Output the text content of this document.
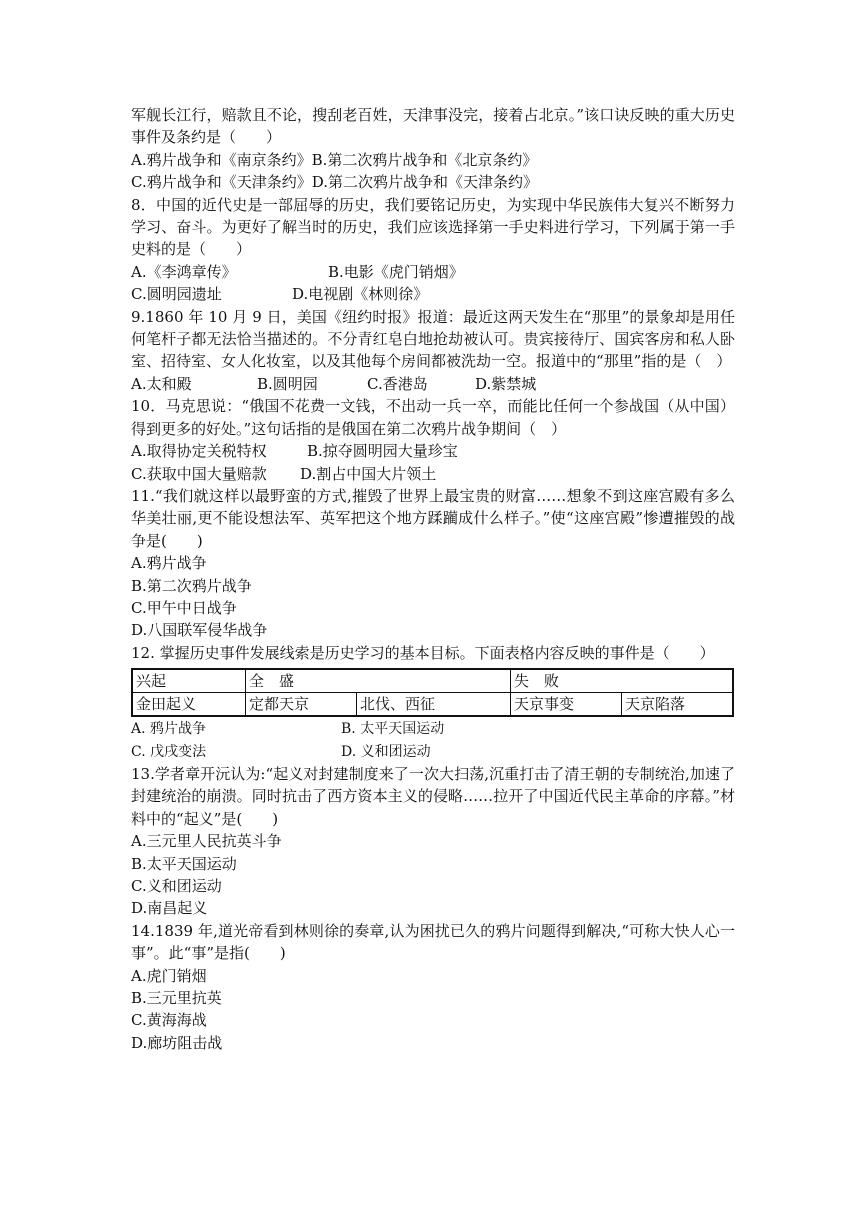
军舰长江行，赔款且不论，搜刮老百姓，天津事没完，接着占北京。”该口诀反映的重大历史事件及条约是（　　）

A.鸦片战争和《南京条约》 B.第二次鸦片战争和《北京条约》
C.鸦片战争和《天津条约》 D.第二次鸦片战争和《天津条约》

8．中国的近代史是一部屈辱的历史，我们要铭记历史，为实现中华民族伟大复兴不断努力学习、奋斗。为更好了解当时的历史，我们应该选择第一手史料进行学习，下列属于第一手史料的是（　　）

A.《李鸿章传》	B.电影《虎门销烟》
C.圆明园遗址	D.电视剧《林则徐》

9.1860 年 10 月 9 日，美国《纽约时报》报道：最近这两天发生在“那里”的景象却是用任何笔杆子都无法恰当描述的。不分青红皂白地抢劫被认可。贵宾接待厅、国宾客房和私人卧室、招待室、女人化妆室，以及其他每个房间都被洗劫一空。报道中的“那里”指的是（　）

A.太和殿	B.圆明园	C.香港岛	D.紫禁城

10．马克思说：“俄国不花费一文钱，不出动一兵一卒，而能比任何一个参战国（从中国）得到更多的好处。”这句话指的是俄国在第二次鸦片战争期间（　）

A.取得协定关税特权	B.掠夺圆明园大量珍宝
C.获取中国大量赔款	D.割占中国大片领土

11.“我们就这样以最野蛮的方式,摧毁了世界上最宝贵的财富……想象不到这座宫殿有多么华美壮丽,更不能设想法军、英军把这个地方蹂躏成什么样子。”使“这座宫殿”惨遭摧毁的战争是(　　)

A.鸦片战争
B.第二次鸦片战争
C.甲午中日战争
D.八国联军侵华战争

12. 掌握历史事件发展线索是历史学习的基本目标。下面表格内容反映的事件是（　　）

兴起	全　盛		失　败	
金田起义	定都天京	北伐、西征	天京事变	天京陷落
A. 鸦片战争	B. 太平天国运动
C. 戊戌变法	D. 义和团运动

13.学者章开沅认为:“起义对封建制度来了一次大扫荡,沉重打击了清王朝的专制统治,加速了封建统治的崩溃。同时抗击了西方资本主义的侵略……拉开了中国近代民主革命的序幕。”材料中的“起义”是(　　)

A.三元里人民抗英斗争
B.太平天国运动
C.义和团运动
D.南昌起义

14.1839 年,道光帝看到林则徐的奏章,认为困扰已久的鸦片问题得到解决,“可称大快人心一事”。此“事”是指(　　)

A.虎门销烟
B.三元里抗英
C.黄海海战
D.廊坊阻击战
